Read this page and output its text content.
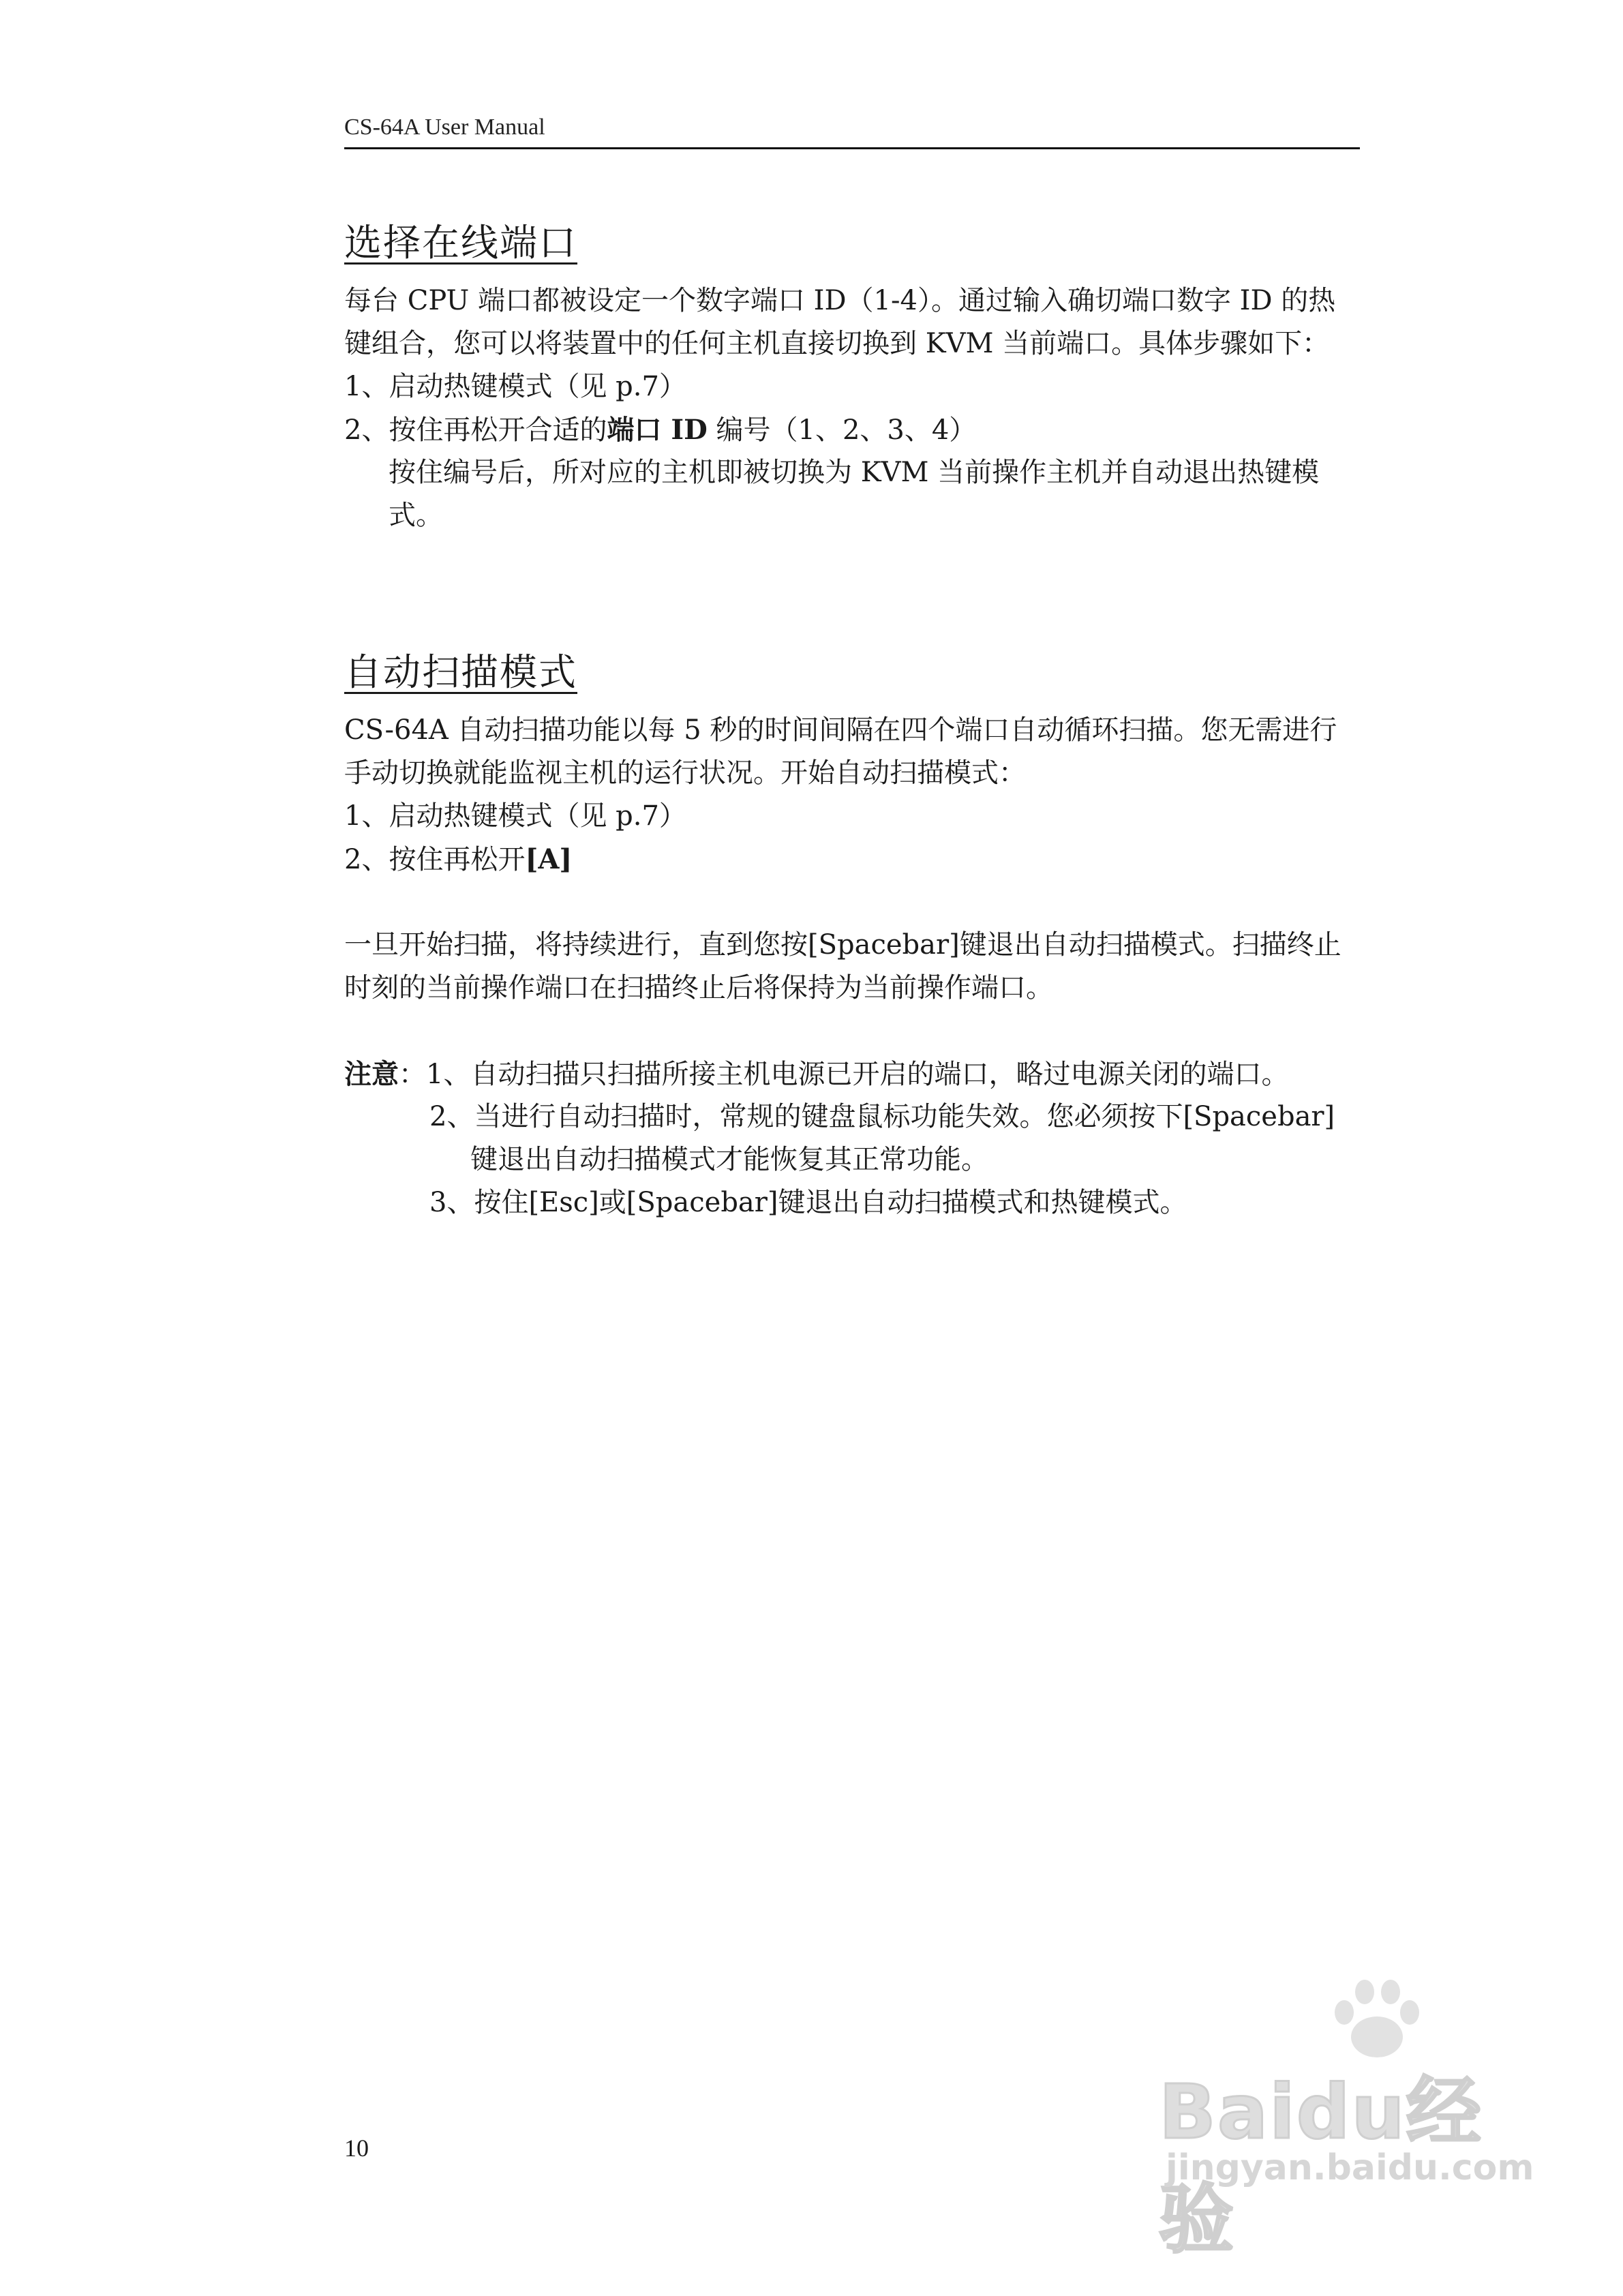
CS-64A User Manual
选择在线端口
每台 CPU 端口都被设定一个数字端口 ID（1-4）。通过输入确切端口数字 ID 的热
键组合，您可以将装置中的任何主机直接切换到 KVM 当前端口。具体步骤如下：
1、启动热键模式（见 p.7）
2、按住再松开合适的端口 ID 编号（1、2、3、4）
按住编号后，所对应的主机即被切换为 KVM 当前操作主机并自动退出热键模
式。
自动扫描模式
CS-64A 自动扫描功能以每 5 秒的时间间隔在四个端口自动循环扫描。您无需进行
手动切换就能监视主机的运行状况。开始自动扫描模式：
1、启动热键模式（见 p.7）
2、按住再松开[A]
一旦开始扫描，将持续进行，直到您按[Spacebar]键退出自动扫描模式。扫描终止
时刻的当前操作端口在扫描终止后将保持为当前操作端口。
注意：1、自动扫描只扫描所接主机电源已开启的端口，略过电源关闭的端口。
2、当进行自动扫描时，常规的键盘鼠标功能失效。您必须按下[Spacebar]
键退出自动扫描模式才能恢复其正常功能。
3、按住[Esc]或[Spacebar]键退出自动扫描模式和热键模式。
10	Baidu经验
jingyan.baidu.com
